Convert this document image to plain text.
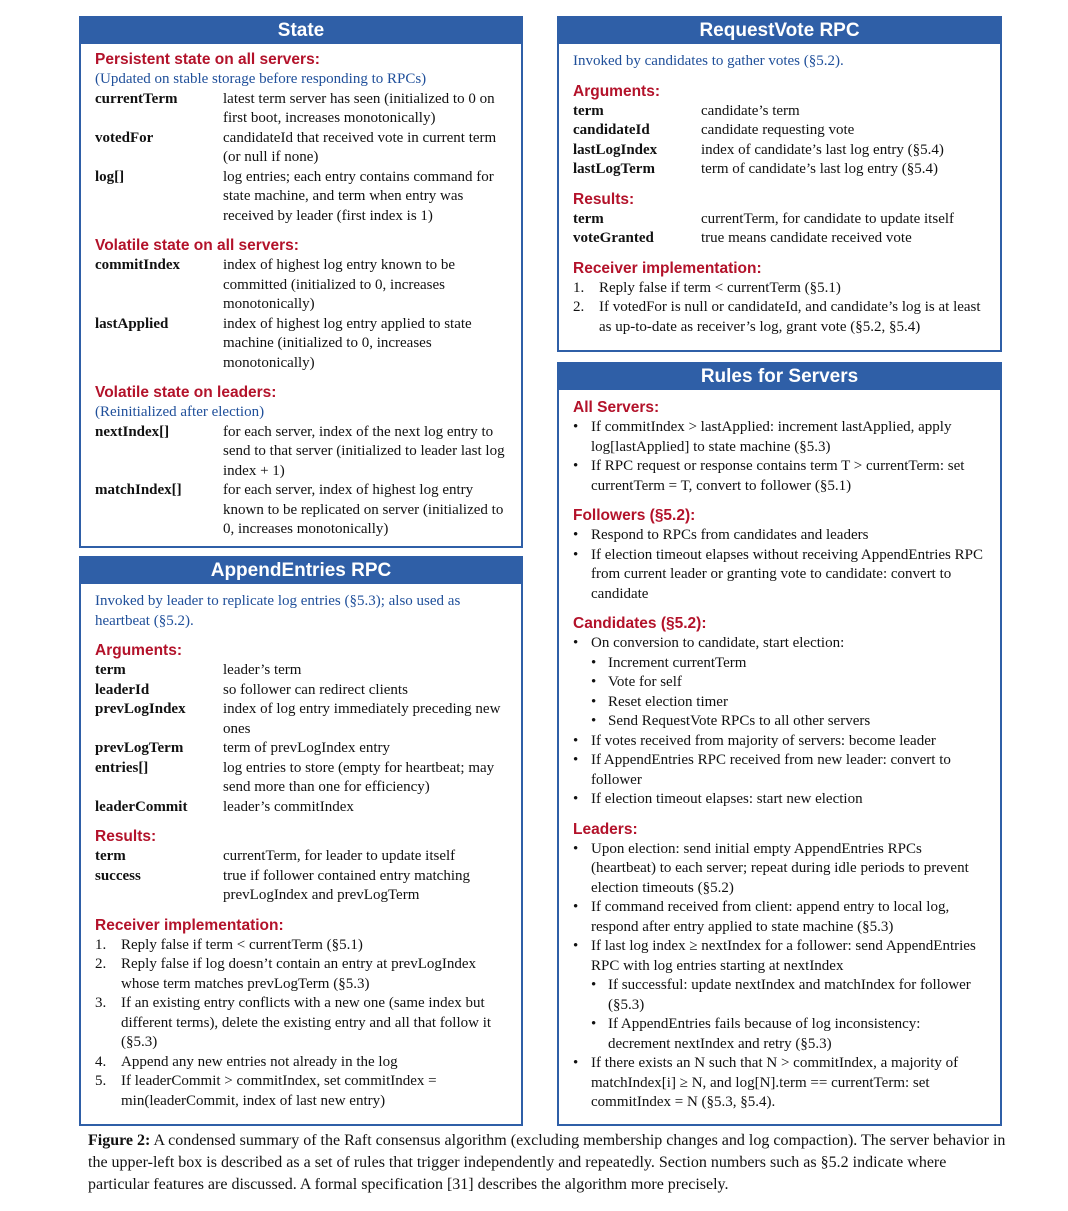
State
Persistent state on all servers:
(Updated on stable storage before responding to RPCs)
currentTerm	latest term server has seen (initialized to 0 on first boot, increases monotonically)
votedFor	candidateId that received vote in current term (or null if none)
log[]	log entries; each entry contains command for state machine, and term when entry was received by leader (first index is 1)
Volatile state on all servers:
commitIndex	index of highest log entry known to be committed (initialized to 0, increases monotonically)
lastApplied	index of highest log entry applied to state machine (initialized to 0, increases monotonically)
Volatile state on leaders:
(Reinitialized after election)
nextIndex[]	for each server, index of the next log entry to send to that server (initialized to leader last log index + 1)
matchIndex[]	for each server, index of highest log entry known to be replicated on server (initialized to 0, increases monotonically)
AppendEntries RPC
Invoked by leader to replicate log entries (§5.3); also used as heartbeat (§5.2).
Arguments:
term	leader’s term
leaderId	so follower can redirect clients
prevLogIndex	index of log entry immediately preceding new ones
prevLogTerm	term of prevLogIndex entry
entries[]	log entries to store (empty for heartbeat; may send more than one for efficiency)
leaderCommit	leader’s commitIndex
Results:
term	currentTerm, for leader to update itself
success	true if follower contained entry matching prevLogIndex and prevLogTerm
Receiver implementation:
1. Reply false if term < currentTerm (§5.1)
2. Reply false if log doesn’t contain an entry at prevLogIndex whose term matches prevLogTerm (§5.3)
3. If an existing entry conflicts with a new one (same index but different terms), delete the existing entry and all that follow it (§5.3)
4. Append any new entries not already in the log
5. If leaderCommit > commitIndex, set commitIndex = min(leaderCommit, index of last new entry)
RequestVote RPC
Invoked by candidates to gather votes (§5.2).
Arguments:
term	candidate’s term
candidateId	candidate requesting vote
lastLogIndex	index of candidate’s last log entry (§5.4)
lastLogTerm	term of candidate’s last log entry (§5.4)
Results:
term	currentTerm, for candidate to update itself
voteGranted	true means candidate received vote
Receiver implementation:
1. Reply false if term < currentTerm (§5.1)
2. If votedFor is null or candidateId, and candidate’s log is at least as up-to-date as receiver’s log, grant vote (§5.2, §5.4)
Rules for Servers
All Servers:
• If commitIndex > lastApplied: increment lastApplied, apply log[lastApplied] to state machine (§5.3)
• If RPC request or response contains term T > currentTerm: set currentTerm = T, convert to follower (§5.1)
Followers (§5.2):
• Respond to RPCs from candidates and leaders
• If election timeout elapses without receiving AppendEntries RPC from current leader or granting vote to candidate: convert to candidate
Candidates (§5.2):
• On conversion to candidate, start election:
• Increment currentTerm
• Vote for self
• Reset election timer
• Send RequestVote RPCs to all other servers
• If votes received from majority of servers: become leader
• If AppendEntries RPC received from new leader: convert to follower
• If election timeout elapses: start new election
Leaders:
• Upon election: send initial empty AppendEntries RPCs (heartbeat) to each server; repeat during idle periods to prevent election timeouts (§5.2)
• If command received from client: append entry to local log, respond after entry applied to state machine (§5.3)
• If last log index ≥ nextIndex for a follower: send AppendEntries RPC with log entries starting at nextIndex
• If successful: update nextIndex and matchIndex for follower (§5.3)
• If AppendEntries fails because of log inconsistency: decrement nextIndex and retry (§5.3)
• If there exists an N such that N > commitIndex, a majority of matchIndex[i] ≥ N, and log[N].term == currentTerm: set commitIndex = N (§5.3, §5.4).
Figure 2: A condensed summary of the Raft consensus algorithm (excluding membership changes and log compaction). The server behavior in the upper-left box is described as a set of rules that trigger independently and repeatedly. Section numbers such as §5.2 indicate where particular features are discussed. A formal specification [31] describes the algorithm more precisely.
